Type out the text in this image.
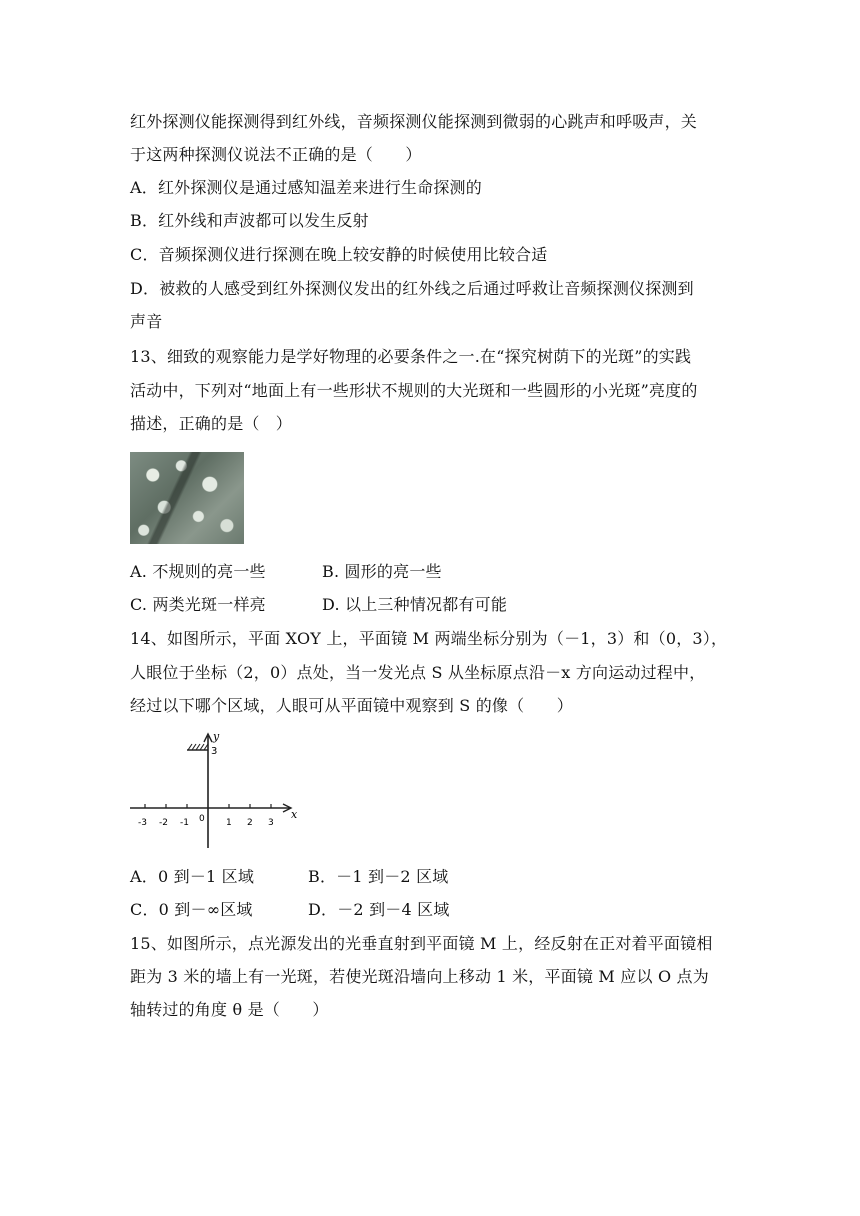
红外探测仪能探测得到红外线，音频探测仪能探测到微弱的心跳声和呼吸声，关
于这两种探测仪说法不正确的是（　　）
A．红外探测仪是通过感知温差来进行生命探测的
B．红外线和声波都可以发生反射
C．音频探测仪进行探测在晚上较安静的时候使用比较合适
D．被救的人感受到红外探测仪发出的红外线之后通过呼救让音频探测仪探测到
声音
13、细致的观察能力是学好物理的必要条件之一.在“探究树荫下的光斑”的实践
活动中，下列对“地面上有一些形状不规则的大光斑和一些圆形的小光斑”亮度的
描述，正确的是（　）
A. 不规则的亮一些	B. 圆形的亮一些
C. 两类光斑一样亮	D. 以上三种情况都有可能
14、如图所示，平面 XOY 上，平面镜 M 两端坐标分别为（－1，3）和（0，3），
人眼位于坐标（2，0）点处，当一发光点 S 从坐标原点沿－x 方向运动过程中，
经过以下哪个区域，人眼可从平面镜中观察到 S 的像（　　）
y
x
3
0
-3 -2 -1	1 2 3
A．0 到－1 区域	B．－1 到－2 区域
C．0 到－∞区域	D．－2 到－4 区域
15、如图所示，点光源发出的光垂直射到平面镜 M 上，经反射在正对着平面镜相
距为 3 米的墙上有一光斑，若使光斑沿墙向上移动 1 米，平面镜 M 应以 O 点为
轴转过的角度 θ 是（　　）
